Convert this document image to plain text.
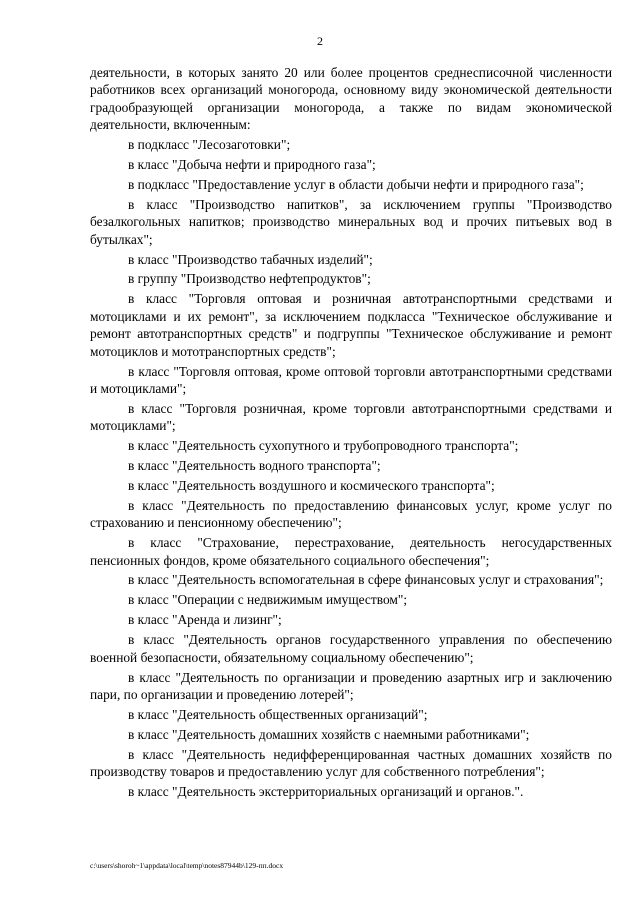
2

деятельности, в которых занято 20 или более процентов среднесписочной численности работников всех организаций моногорода, основному виду экономической деятельности градообразующей организации моногорода, а также по видам экономической деятельности, включенным:

в подкласс "Лесозаготовки";

в класс "Добыча нефти и природного газа";

в подкласс "Предоставление услуг в области добычи нефти и природного газа";

в класс "Производство напитков", за исключением группы "Производство безалкогольных напитков; производство минеральных вод и прочих питьевых вод в бутылках";

в класс "Производство табачных изделий";

в группу "Производство нефтепродуктов";

в класс "Торговля оптовая и розничная автотранспортными средствами и мотоциклами и их ремонт", за исключением подкласса "Техническое обслуживание и ремонт автотранспортных средств" и подгруппы "Техническое обслуживание и ремонт мотоциклов и мототранспортных средств";

в класс "Торговля оптовая, кроме оптовой торговли автотранспортными средствами и мотоциклами";

в класс "Торговля розничная, кроме торговли автотранспортными средствами и мотоциклами";

в класс "Деятельность сухопутного и трубопроводного транспорта";

в класс "Деятельность водного транспорта";

в класс "Деятельность воздушного и космического транспорта";

в класс "Деятельность по предоставлению финансовых услуг, кроме услуг по страхованию и пенсионному обеспечению";

в класс "Страхование, перестрахование, деятельность негосударственных пенсионных фондов, кроме обязательного социального обеспечения";

в класс "Деятельность вспомогательная в сфере финансовых услуг и страхования";

в класс "Операции с недвижимым имуществом";

в класс "Аренда и лизинг";

в класс "Деятельность органов государственного управления по обеспечению военной безопасности, обязательному социальному обеспечению";

в класс "Деятельность по организации и проведению азартных игр и заключению пари, по организации и проведению лотерей";

в класс "Деятельность общественных организаций";

в класс "Деятельность домашних хозяйств с наемными работниками";

в класс "Деятельность недифференцированная частных домашних хозяйств по производству товаров и предоставлению услуг для собственного потребления";

в класс "Деятельность экстерриториальных организаций и органов.".

c:\users\shoroh~1\appdata\local\temp\notes87944b\129-пп.docx
